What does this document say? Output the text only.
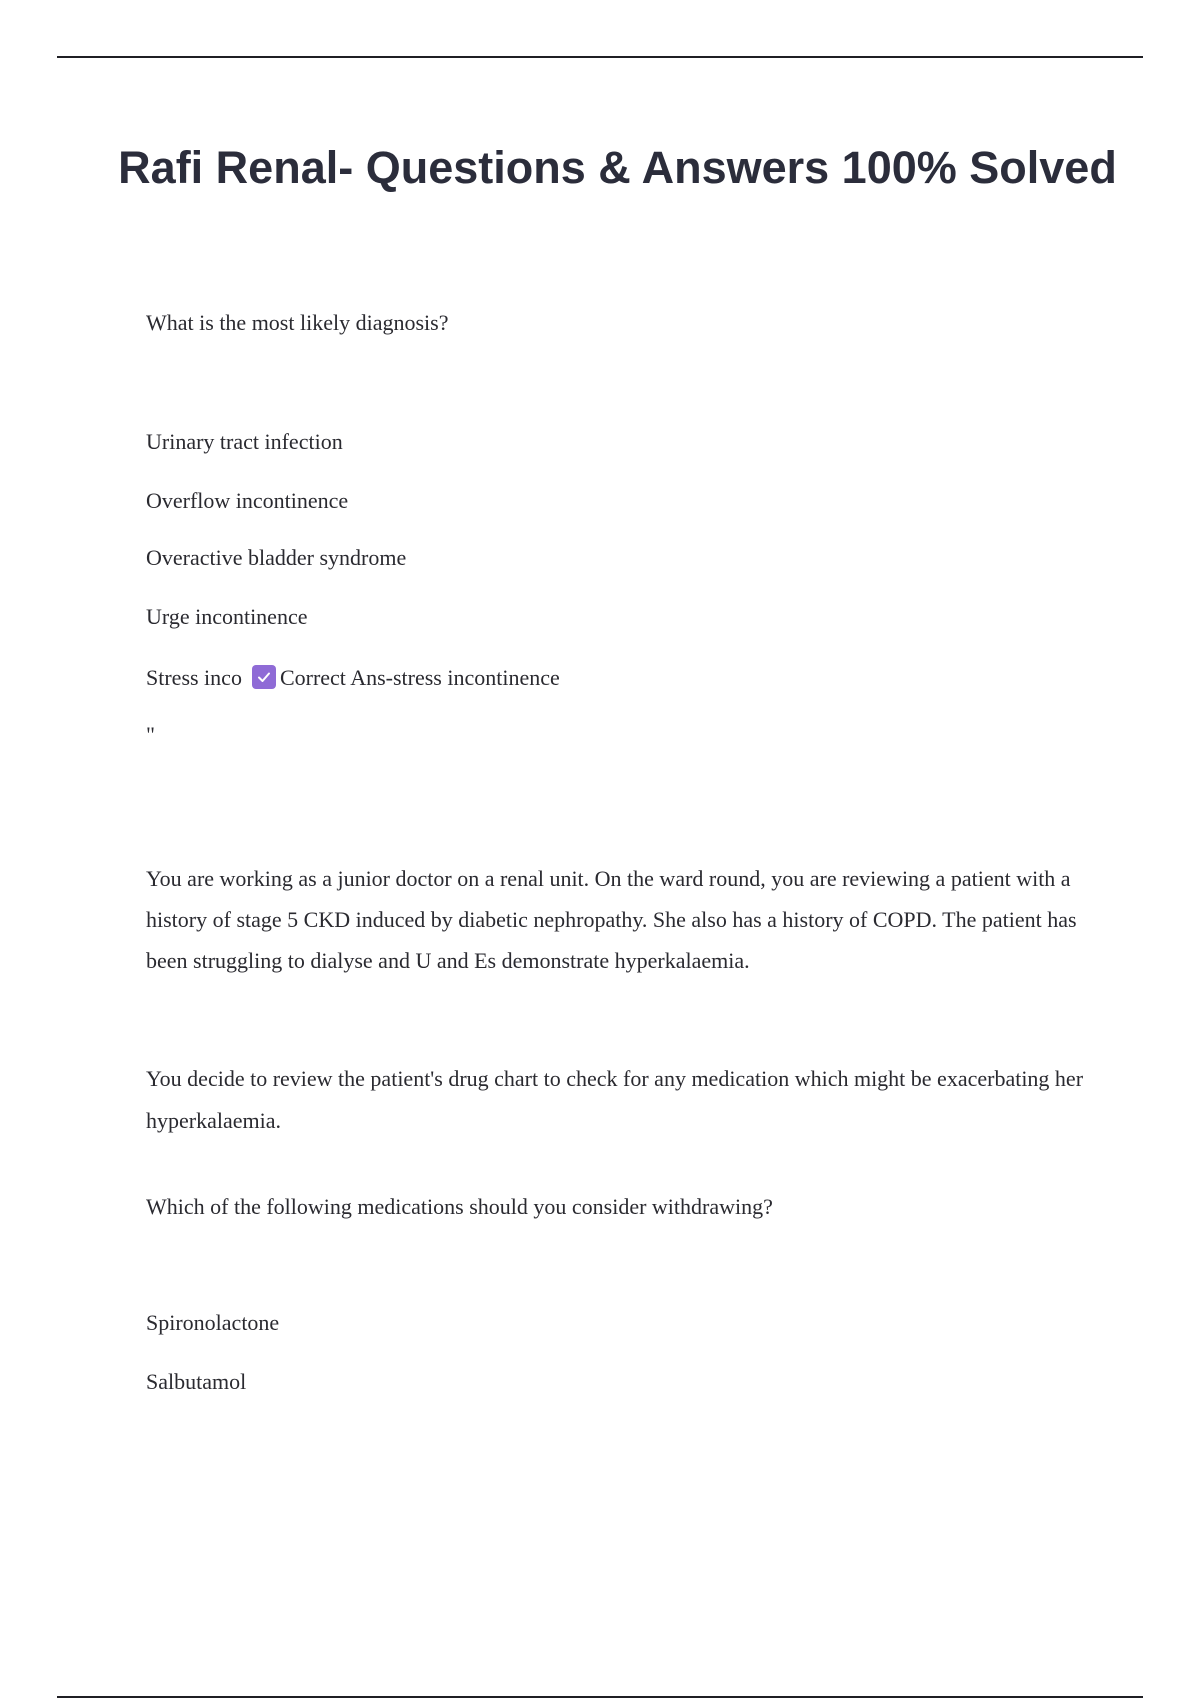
Rafi Renal- Questions & Answers 100% Solved
What is the most likely diagnosis?
Urinary tract infection
Overflow incontinence
Overactive bladder syndrome
Urge incontinence
Stress inco Correct Ans-stress incontinence
"

You are working as a junior doctor on a renal unit. On the ward round, you are reviewing a patient with a history of stage 5 CKD induced by diabetic nephropathy. She also has a history of COPD. The patient has been struggling to dialyse and U and Es demonstrate hyperkalaemia.

You decide to review the patient's drug chart to check for any medication which might be exacerbating her hyperkalaemia.

Which of the following medications should you consider withdrawing?
Spironolactone
Salbutamol
